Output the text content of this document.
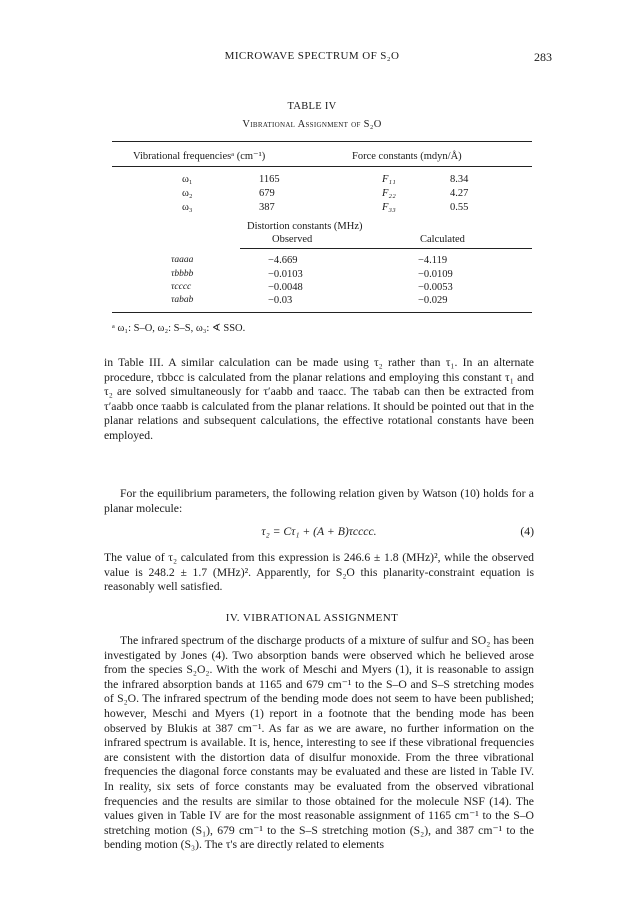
MICROWAVE SPECTRUM OF S₂O	283
TABLE IV
Vibrational Assignment of S₂O
Vibrational frequenciesᵃ (cm⁻¹)	Force constants (mdyn/Å)
ω₁	1165	F₁₁	8.34
ω₂	679	F₂₂	4.27
ω₃	387	F₃₃	0.55
Distortion constants (MHz)
Observed	Calculated
τaaaa	−4.669	−4.119
τbbbb	−0.0103	−0.0109
τcccc	−0.0048	−0.0053
τabab	−0.03	−0.029
ᵃ ω₁: S–O, ω₂: S–S, ω₃: ∢ SSO.

in Table III. A similar calculation can be made using τ₂ rather than τ₁. In an alternate procedure, τbbcc is calculated from the planar relations and employing this constant τ₁ and τ₂ are solved simultaneously for τ′aabb and τaacc. The τabab can then be extracted from τ′aabb once τaabb is calculated from the planar relations. It should be pointed out that in the planar relations and subsequent calculations, the effective rotational constants have been employed.

For the equilibrium parameters, the following relation given by Watson (10) holds for a planar molecule:

τ₂ = Cτ₁ + (A + B)τcccc.	(4)

The value of τ₂ calculated from this expression is 246.6 ± 1.8 (MHz)², while the observed value is 248.2 ± 1.7 (MHz)². Apparently, for S₂O this planarity-constraint equation is reasonably well satisfied.

IV. VIBRATIONAL ASSIGNMENT

The infrared spectrum of the discharge products of a mixture of sulfur and SO₂ has been investigated by Jones (4). Two absorption bands were observed which he believed arose from the species S₂O₂. With the work of Meschi and Myers (1), it is reasonable to assign the infrared absorption bands at 1165 and 679 cm⁻¹ to the S–O and S–S stretching modes of S₂O. The infrared spectrum of the bending mode does not seem to have been published; however, Meschi and Myers (1) report in a footnote that the bending mode has been observed by Blukis at 387 cm⁻¹. As far as we are aware, no further information on the infrared spectrum is available. It is, hence, interesting to see if these vibrational frequencies are consistent with the distortion data of disulfur monoxide. From the three vibrational frequencies the diagonal force constants may be evaluated and these are listed in Table IV. In reality, six sets of force constants may be evaluated from the observed vibrational frequencies and the results are similar to those obtained for the molecule NSF (14). The values given in Table IV are for the most reasonable assignment of 1165 cm⁻¹ to the S–O stretching motion (S₁), 679 cm⁻¹ to the S–S stretching motion (S₂), and 387 cm⁻¹ to the bending motion (S₃). The τ's are directly related to elements
